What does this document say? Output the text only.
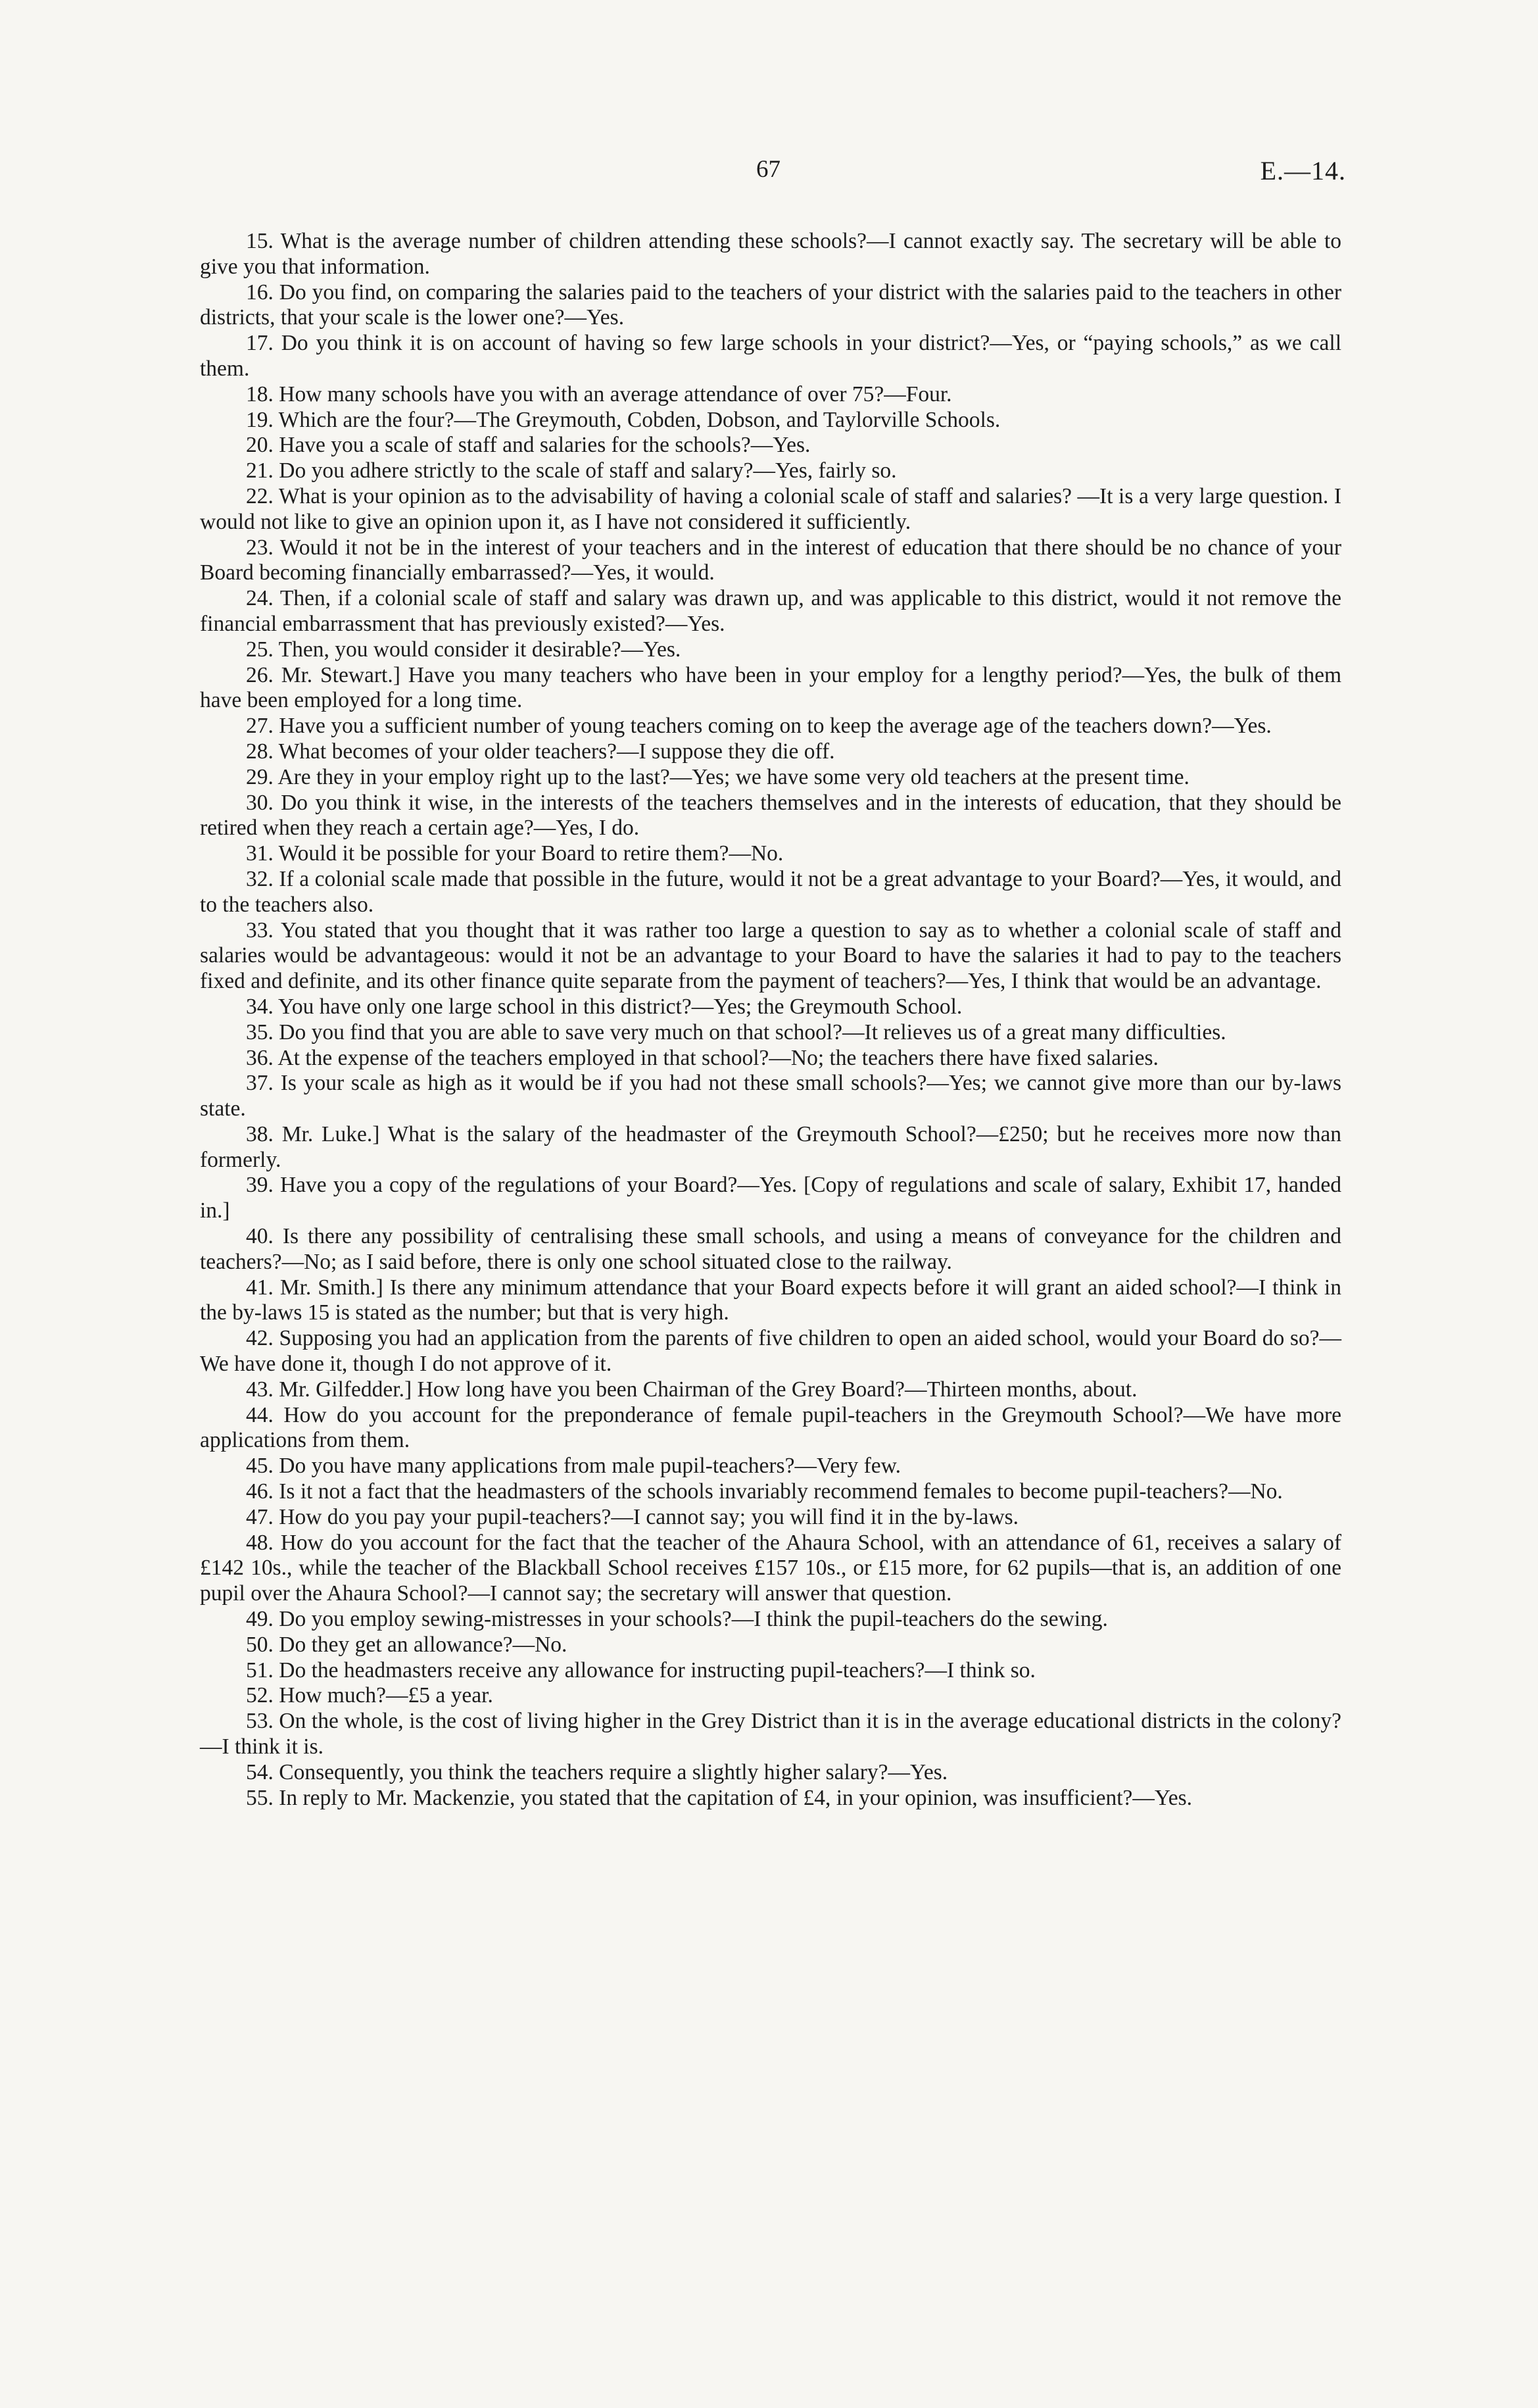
67	E.—14.

15. What is the average number of children attending these schools?—I cannot exactly say. The secretary will be able to give you that information.

16. Do you find, on comparing the salaries paid to the teachers of your district with the salaries paid to the teachers in other districts, that your scale is the lower one?—Yes.

17. Do you think it is on account of having so few large schools in your district?—Yes, or “paying schools,” as we call them.

18. How many schools have you with an average attendance of over 75?—Four.

19. Which are the four?—The Greymouth, Cobden, Dobson, and Taylorville Schools.

20. Have you a scale of staff and salaries for the schools?—Yes.

21. Do you adhere strictly to the scale of staff and salary?—Yes, fairly so.

22. What is your opinion as to the advisability of having a colonial scale of staff and salaries? —It is a very large question. I would not like to give an opinion upon it, as I have not considered it sufficiently.

23. Would it not be in the interest of your teachers and in the interest of education that there should be no chance of your Board becoming financially embarrassed?—Yes, it would.

24. Then, if a colonial scale of staff and salary was drawn up, and was applicable to this district, would it not remove the financial embarrassment that has previously existed?—Yes.

25. Then, you would consider it desirable?—Yes.

26. Mr. Stewart.] Have you many teachers who have been in your employ for a lengthy period?—Yes, the bulk of them have been employed for a long time.

27. Have you a sufficient number of young teachers coming on to keep the average age of the teachers down?—Yes.

28. What becomes of your older teachers?—I suppose they die off.

29. Are they in your employ right up to the last?—Yes; we have some very old teachers at the present time.

30. Do you think it wise, in the interests of the teachers themselves and in the interests of education, that they should be retired when they reach a certain age?—Yes, I do.

31. Would it be possible for your Board to retire them?—No.

32. If a colonial scale made that possible in the future, would it not be a great advantage to your Board?—Yes, it would, and to the teachers also.

33. You stated that you thought that it was rather too large a question to say as to whether a colonial scale of staff and salaries would be advantageous: would it not be an advantage to your Board to have the salaries it had to pay to the teachers fixed and definite, and its other finance quite separate from the payment of teachers?—Yes, I think that would be an advantage.

34. You have only one large school in this district?—Yes; the Greymouth School.

35. Do you find that you are able to save very much on that school?—It relieves us of a great many difficulties.

36. At the expense of the teachers employed in that school?—No; the teachers there have fixed salaries.

37. Is your scale as high as it would be if you had not these small schools?—Yes; we cannot give more than our by-laws state.

38. Mr. Luke.] What is the salary of the headmaster of the Greymouth School?—£250; but he receives more now than formerly.

39. Have you a copy of the regulations of your Board?—Yes. [Copy of regulations and scale of salary, Exhibit 17, handed in.]

40. Is there any possibility of centralising these small schools, and using a means of conveyance for the children and teachers?—No; as I said before, there is only one school situated close to the railway.

41. Mr. Smith.] Is there any minimum attendance that your Board expects before it will grant an aided school?—I think in the by-laws 15 is stated as the number; but that is very high.

42. Supposing you had an application from the parents of five children to open an aided school, would your Board do so?—We have done it, though I do not approve of it.

43. Mr. Gilfedder.] How long have you been Chairman of the Grey Board?—Thirteen months, about.

44. How do you account for the preponderance of female pupil-teachers in the Greymouth School?—We have more applications from them.

45. Do you have many applications from male pupil-teachers?—Very few.

46. Is it not a fact that the headmasters of the schools invariably recommend females to become pupil-teachers?—No.

47. How do you pay your pupil-teachers?—I cannot say; you will find it in the by-laws.

48. How do you account for the fact that the teacher of the Ahaura School, with an attendance of 61, receives a salary of £142 10s., while the teacher of the Blackball School receives £157 10s., or £15 more, for 62 pupils—that is, an addition of one pupil over the Ahaura School?—I cannot say; the secretary will answer that question.

49. Do you employ sewing-mistresses in your schools?—I think the pupil-teachers do the sewing.

50. Do they get an allowance?—No.

51. Do the headmasters receive any allowance for instructing pupil-teachers?—I think so.

52. How much?—£5 a year.

53. On the whole, is the cost of living higher in the Grey District than it is in the average educational districts in the colony?—I think it is.

54. Consequently, you think the teachers require a slightly higher salary?—Yes.

55. In reply to Mr. Mackenzie, you stated that the capitation of £4, in your opinion, was insufficient?—Yes.
